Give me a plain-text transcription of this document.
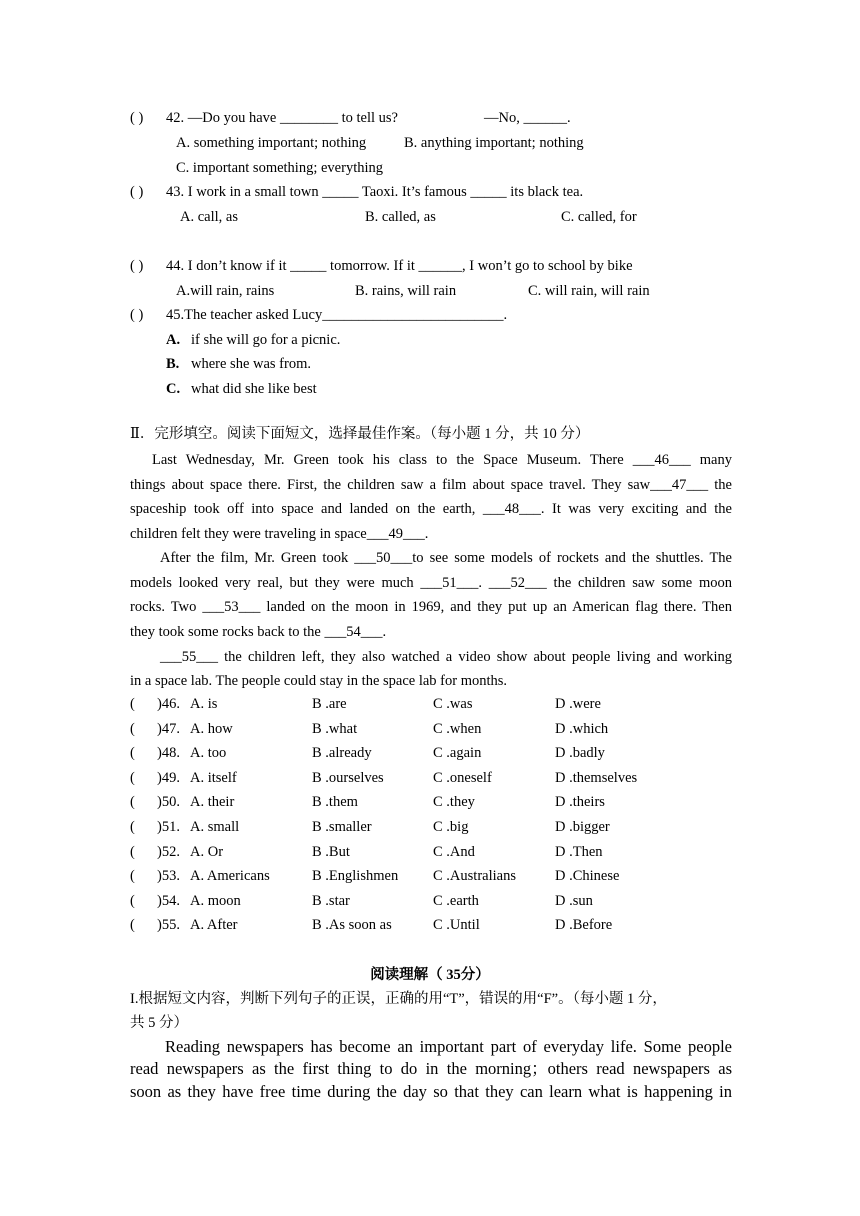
( ) 42. —Do you have ________ to tell us?	—No, ______.
A. something important; nothing	B. anything important; nothing
C. important something; everything
( ) 43. I work in a small town _____ Taoxi. It’s famous _____ its black tea.
A. call, as	B. called, as	C. called, for
( ) 44. I don’t know if it _____ tomorrow. If it ______, I won’t go to school by bike
A.will rain, rains	B. rains, will rain	C. will rain, will rain
( ) 45.The teacher asked Lucy_________________________.
A. if she will go for a picnic.
B. where she was from.
C. what did she like best
Ⅱ．完形填空。阅读下面短文，选择最佳作案。（每小题 1 分，共 10 分）
Last Wednesday, Mr. Green took his class to the Space Museum. There ___46___ many
things about space there. First, the children saw a film about space travel. They saw___47___ the
spaceship took off into space and landed on the earth, ___48___. It was very exciting and the
children felt they were traveling in space___49___.
After the film, Mr. Green took ___50___to see some models of rockets and the shuttles. The
models looked very real, but they were much ___51___. ___52___ the children saw some moon
rocks. Two ___53___ landed on the moon in 1969, and they put up an American flag there. Then
they took some rocks back to the ___54___.
___55___ the children left, they also watched a video show about people living and working
in a space lab. The people could stay in the space lab for months.
( )46. A. is	B .are	C .was	D .were
( )47. A. how	B .what	C .when	D .which
( )48. A. too	B .already	C .again	D .badly
( )49. A. itself	B .ourselves	C .oneself	D .themselves
( )50. A. their	B .them	C .they	D .theirs
( )51. A. small	B .smaller	C .big	D .bigger
( )52. A. Or	B .But	C .And	D .Then
( )53. A. Americans	B .Englishmen C .Australians	D .Chinese
( )54. A. moon	B .star	C .earth	D .sun
( )55. A. After	B .As soon as	C .Until	D .Before
阅读理解（ 35分）
I.根据短文内容，判断下列句子的正误，正确的用“T”，错误的用“F”。（每小题 1 分，
共 5 分）
Reading newspapers has become an important part of everyday life. Some people
read newspapers as the first thing to do in the morning；others read newspapers as
soon as they have free time during the day so that they can learn what is happening in
